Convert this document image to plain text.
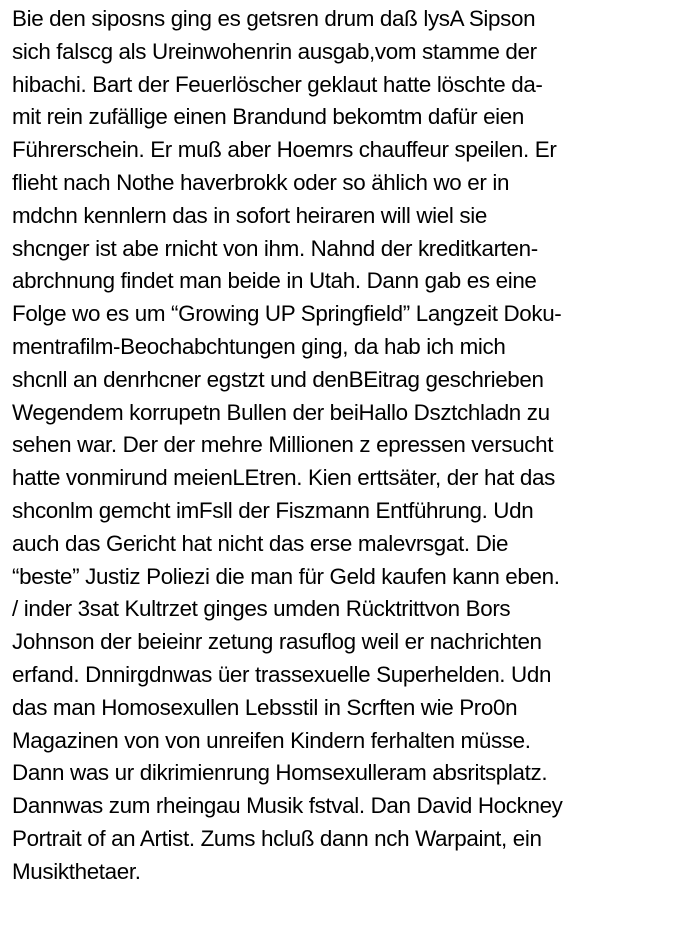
Bie den siposns ging es getsren drum daß lysA Sipson
sich falscg als Ureinwohenrin ausgab,vom stamme der
hibachi. Bart der Feuerlöscher geklaut hatte löschte da-
mit rein zufällige einen Brandund bekomtm dafür eien
Führerschein. Er muß aber Hoemrs chauffeur speilen. Er
flieht nach Nothe haverbrokk oder so ählich wo er in
mdchn kennlern das in sofort heiraren will wiel sie
shcnger ist abe rnicht von ihm. Nahnd der kreditkarten-
abrchnung findet man beide in Utah. Dann gab es eine
Folge wo es um “Growing UP Springfield” Langzeit Doku-
mentrafilm-Beochabchtungen ging, da hab ich mich
shcnll an denrhcner egstzt und denBEitrag geschrieben
Wegendem korrupetn Bullen der beiHallo Dsztchladn zu
sehen war. Der der mehre Millionen z epressen versucht
hatte vonmirund meienLEtren. Kien erttsäter, der hat das
shconlm gemcht imFsll der Fiszmann Entführung. Udn
auch das Gericht hat nicht das erse malevrsgat. Die
“beste” Justiz Poliezi die man für Geld kaufen kann eben.
/ inder 3sat Kultrzet ginges umden Rücktrittvon Bors
Johnson der beieinr zetung rasuflog weil er nachrichten
erfand. Dnnirgdnwas üer trassexuelle Superhelden. Udn
das man Homosexullen Lebsstil in Scrften wie Pro0n
Magazinen von von unreifen Kindern ferhalten müsse.
Dann was ur dikrimienrung Homsexulleram absritsplatz.
Dannwas zum rheingau Musik fstval. Dan David Hockney
Portrait of an Artist. Zums hcluß dann nch Warpaint, ein
Musikthetaer.
